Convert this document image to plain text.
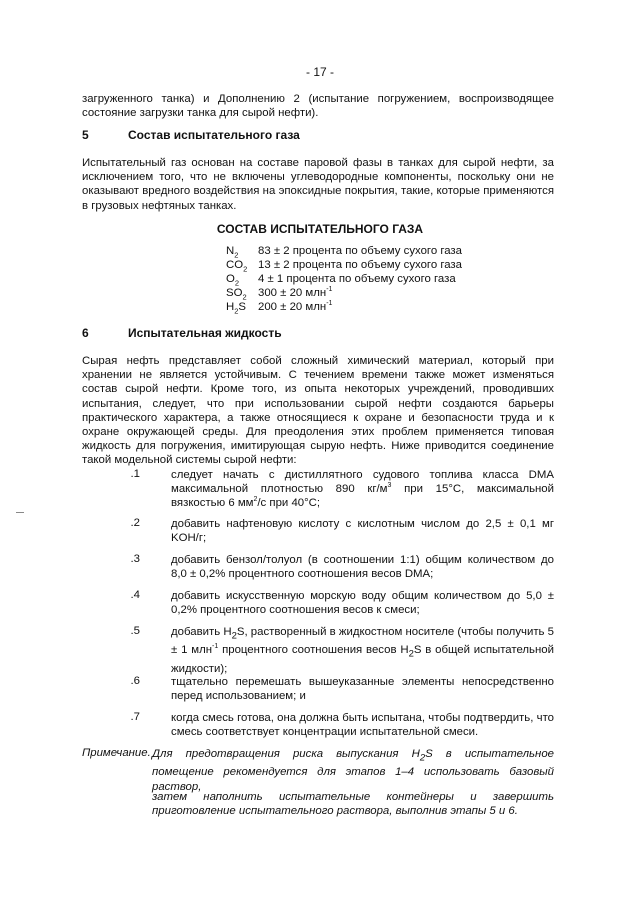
- 17 -
загруженного танка) и Дополнению 2 (испытание погружением, воспроизводящее состояние загрузки танка для сырой нефти).
5	Состав испытательного газа
Испытательный газ основан на составе паровой фазы в танках для сырой нефти, за исключением того, что не включены углеводородные компоненты, поскольку они не оказывают вредного воздействия на эпоксидные покрытия, такие, которые применяются в грузовых нефтяных танках.
СОСТАВ ИСПЫТАТЕЛЬНОГО ГАЗА
$N_2$ 83 ± 2 процента по объему сухого газа
$CO_2$ 13 ± 2 процента по объему сухого газа
$O_2$ 4 ± 1 процента по объему сухого газа
$SO_2$ 300 ± 20 млн$^{-1}$
$H_2S$ 200 ± 20 млн$^{-1}$
6	Испытательная жидкость
Сырая нефть представляет собой сложный химический материал, который при хранении не является устойчивым. С течением времени также может изменяться состав сырой нефти. Кроме того, из опыта некоторых учреждений, проводивших испытания, следует, что при использовании сырой нефти создаются барьеры практического характера, а также относящиеся к охране и безопасности труда и к охране окружающей среды. Для преодоления этих проблем применяется типовая жидкость для погружения, имитирующая сырую нефть. Ниже приводится соединение такой модельной системы сырой нефти:
.1	следует начать с дистиллятного судового топлива класса DMA максимальной плотностью 890 $кг/м^3$ при 15°C, максимальной вязкостью 6 $мм^2/с$ при 40°C;
.2	добавить нафтеновую кислоту с кислотным числом до 2,5 ± 0,1 мг KOH/г;
.3	добавить бензол/толуол (в соотношении 1:1) общим количеством до 8,0 ± 0,2% процентного соотношения весов DMA;
.4	добавить искусственную морскую воду общим количеством до 5,0 ± 0,2% процентного соотношения весов к смеси;
.5	добавить $H_2S$, растворенный в жидкостном носителе (чтобы получить 5 ± 1 млн$^{-1}$ процентного соотношения весов $H_2S$ в общей испытательной жидкости);
.6	тщательно перемешать вышеуказанные элементы непосредственно перед использованием; и
.7	когда смесь готова, она должна быть испытана, чтобы подтвердить, что смесь соответствует концентрации испытательной смеси.
Примечание. Для предотвращения риска выпускания $H_2S$ в испытательное помещение рекомендуется для этапов 1–4 использовать базовый раствор,
затем наполнить испытательные контейнеры и завершить приготовление испытательного раствора, выполнив этапы 5 и 6.
